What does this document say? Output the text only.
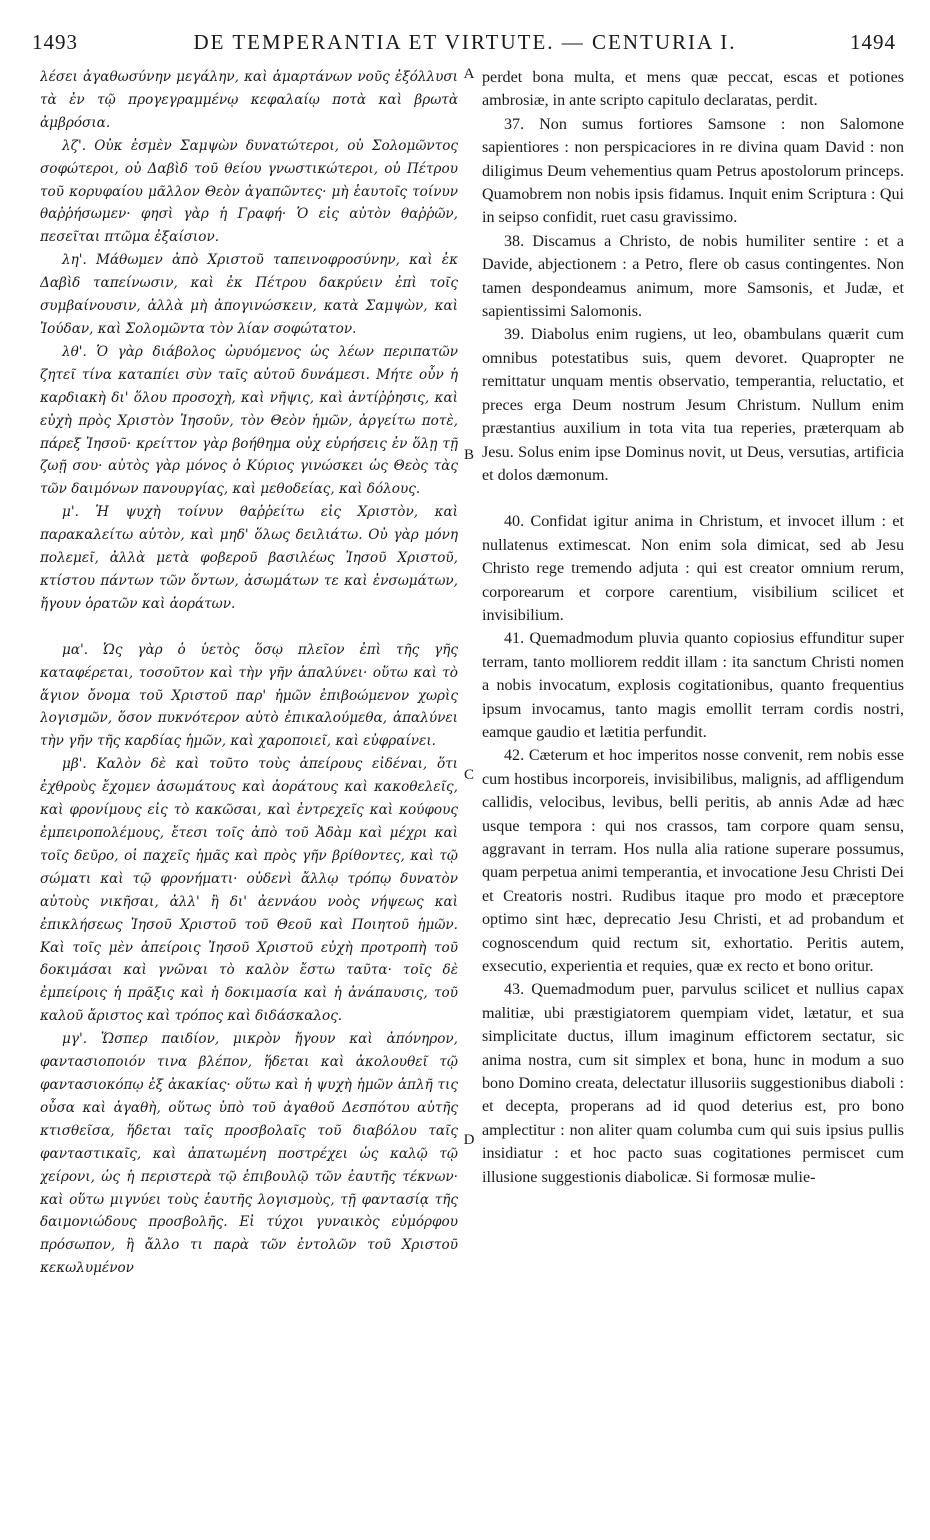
1493	DE TEMPERANTIA ET VIRTUTE. — CENTURIA I.	1494

λέσει ἀγαθωσύνην μεγάλην, καὶ ἁμαρτάνων νοῦς ἐξόλλυσι τὰ ἐν τῷ προγεγραμμένῳ κεφαλαίῳ ποτὰ καὶ βρωτὰ ἀμβρόσια.

λζ'. Οὐκ ἐσμὲν Σαμψὼν δυνατώτεροι, οὐ Σολομῶντος σοφώτεροι, οὐ Δαβὶδ τοῦ θείου γνωστικώτεροι, οὐ Πέτρου τοῦ κορυφαίου μᾶλλον Θεὸν ἀγαπῶντες· μὴ ἑαυτοῖς τοίνυν θαῤῥήσωμεν· φησὶ γὰρ ἡ Γραφή· Ὁ εἰς αὐτὸν θαῤῥῶν, πεσεῖται πτῶμα ἐξαίσιον.

λη'. Μάθωμεν ἀπὸ Χριστοῦ ταπεινοφροσύνην, καὶ ἐκ Δαβὶδ ταπείνωσιν, καὶ ἐκ Πέτρου δακρύειν ἐπὶ τοῖς συμβαίνουσιν, ἀλλὰ μὴ ἀπογινώσκειν, κατὰ Σαμψὼν, καὶ Ἰούδαν, καὶ Σολομῶντα τὸν λίαν σοφώτατον.

λθ'. Ὁ γὰρ διάβολος ὠρυόμενος ὡς λέων περιπατῶν ζητεῖ τίνα καταπίει σὺν ταῖς αὐτοῦ δυνάμεσι. Μήτε οὖν ἡ καρδιακὴ δι' ὅλου προσοχὴ, καὶ νῆψις, καὶ ἀντίῤῥησις, καὶ εὐχὴ πρὸς Χριστὸν Ἰησοῦν, τὸν Θεὸν ἡμῶν, ἀργείτω ποτὲ, πάρεξ Ἰησοῦ· κρείττον γὰρ βοήθημα οὐχ εὑρήσεις ἐν ὅλῃ τῇ ζωῇ σου· αὐτὸς γὰρ μόνος ὁ Κύριος γινώσκει ὡς Θεὸς τὰς τῶν δαιμόνων πανουργίας, καὶ μεθοδείας, καὶ δόλους.

μ'. Ἡ ψυχὴ τοίνυν θαῤῥείτω εἰς Χριστὸν, καὶ παρακαλείτω αὐτὸν, καὶ μηδ' ὅλως δειλιάτω. Οὐ γὰρ μόνη πολεμεῖ, ἀλλὰ μετὰ φοβεροῦ βασιλέως Ἰησοῦ Χριστοῦ, κτίστου πάντων τῶν ὄντων, ἀσωμάτων τε καὶ ἐνσωμάτων, ἤγουν ὁρατῶν καὶ ἀοράτων.

μα'. Ὡς γὰρ ὁ ὑετὸς ὅσῳ πλεῖον ἐπὶ τῆς γῆς καταφέρεται, τοσοῦτον καὶ τὴν γῆν ἁπαλύνει· οὕτω καὶ τὸ ἅγιον ὄνομα τοῦ Χριστοῦ παρ' ἡμῶν ἐπιβοώμενον χωρὶς λογισμῶν, ὅσον πυκνότερον αὐτὸ ἐπικαλούμεθα, ἁπαλύνει τὴν γῆν τῆς καρδίας ἡμῶν, καὶ χαροποιεῖ, καὶ εὐφραίνει.

μβ'. Καλὸν δὲ καὶ τοῦτο τοὺς ἀπείρους εἰδέναι, ὅτι ἐχθροὺς ἔχομεν ἀσωμάτους καὶ ἀοράτους καὶ κακοθελεῖς, καὶ φρονίμους εἰς τὸ κακῶσαι, καὶ ἐντρεχεῖς καὶ κούφους ἐμπειροπολέμους, ἔτεσι τοῖς ἀπὸ τοῦ Ἀδὰμ καὶ μέχρι καὶ τοῖς δεῦρο, οἱ παχεῖς ἡμᾶς καὶ πρὸς γῆν βρίθοντες, καὶ τῷ σώματι καὶ τῷ φρονήματι· οὐδενὶ ἄλλῳ τρόπῳ δυνατὸν αὐτοὺς νικῆσαι, ἀλλ' ἢ δι' ἀεννάου νοὸς νήψεως καὶ ἐπικλήσεως Ἰησοῦ Χριστοῦ τοῦ Θεοῦ καὶ Ποιητοῦ ἡμῶν. Καὶ τοῖς μὲν ἀπείροις Ἰησοῦ Χριστοῦ εὐχὴ προτροπὴ τοῦ δοκιμάσαι καὶ γνῶναι τὸ καλὸν ἔστω ταῦτα· τοῖς δὲ ἐμπείροις ἡ πρᾶξις καὶ ἡ δοκιμασία καὶ ἡ ἀνάπαυσις, τοῦ καλοῦ ἄριστος καὶ τρόπος καὶ διδάσκαλος.

μγ'. Ὥσπερ παιδίον, μικρὸν ἤγουν καὶ ἀπόνηρον, φαντασιοποιόν τινα βλέπον, ἥδεται καὶ ἀκολουθεῖ τῷ φαντασιοκόπῳ ἐξ ἀκακίας· οὕτω καὶ ἡ ψυχὴ ἡμῶν ἁπλῆ τις οὖσα καὶ ἀγαθὴ, οὕτως ὑπὸ τοῦ ἀγαθοῦ Δεσπότου αὐτῆς κτισθεῖσα, ἥδεται ταῖς προσβολαῖς τοῦ διαβόλου ταῖς φανταστικαῖς, καὶ ἀπατωμένη ποστρέχει ὡς καλῷ τῷ χείρονι, ὡς ἡ περιστερὰ τῷ ἐπιβουλῷ τῶν ἑαυτῆς τέκνων· καὶ οὕτω μιγνύει τοὺς ἑαυτῆς λογισμοὺς, τῇ φαντασίᾳ τῆς δαιμονιώδους προσβολῆς. Εἰ τύχοι γυναικὸς εὐμόρφου πρόσωπον, ἢ ἄλλο τι παρὰ τῶν ἐντολῶν τοῦ Χριστοῦ κεκωλυμένον

A
B
C
D

perdet bona multa, et mens quæ peccat, escas et potiones ambrosiæ, in ante scripto capitulo declaratas, perdit.

37. Non sumus fortiores Samsone : non Salomone sapientiores : non perspicaciores in re divina quam David : non diligimus Deum vehementius quam Petrus apostolorum princeps. Quamobrem non nobis ipsis fidamus. Inquit enim Scriptura : Qui in seipso confidit, ruet casu gravissimo.

38. Discamus a Christo, de nobis humiliter sentire : et a Davide, abjectionem : a Petro, flere ob casus contingentes. Non tamen despondeamus animum, more Samsonis, et Judæ, et sapientissimi Salomonis.

39. Diabolus enim rugiens, ut leo, obambulans quærit cum omnibus potestatibus suis, quem devoret. Quapropter ne remittatur unquam mentis observatio, temperantia, reluctatio, et preces erga Deum nostrum Jesum Christum. Nullum enim præstantius auxilium in tota vita tua reperies, præterquam ab Jesu. Solus enim ipse Dominus novit, ut Deus, versutias, artificia et dolos dæmonum.

40. Confidat igitur anima in Christum, et invocet illum : et nullatenus extimescat. Non enim sola dimicat, sed ab Jesu Christo rege tremendo adjuta : qui est creator omnium rerum, corporearum et corpore carentium, visibilium scilicet et invisibilium.

41. Quemadmodum pluvia quanto copiosius effunditur super terram, tanto molliorem reddit illam : ita sanctum Christi nomen a nobis invocatum, explosis cogitationibus, quanto frequentius ipsum invocamus, tanto magis emollit terram cordis nostri, eamque gaudio et lætitia perfundit.

42. Cæterum et hoc imperitos nosse convenit, rem nobis esse cum hostibus incorporeis, invisibilibus, malignis, ad affligendum callidis, velocibus, levibus, belli peritis, ab annis Adæ ad hæc usque tempora : qui nos crassos, tam corpore quam sensu, aggravant in terram. Hos nulla alia ratione superare possumus, quam perpetua animi temperantia, et invocatione Jesu Christi Dei et Creatoris nostri. Rudibus itaque pro modo et præceptore optimo sint hæc, deprecatio Jesu Christi, et ad probandum et cognoscendum quid rectum sit, exhortatio. Peritis autem, exsecutio, experientia et requies, quæ ex recto et bono oritur.

43. Quemadmodum puer, parvulus scilicet et nullius capax malitiæ, ubi præstigiatorem quempiam videt, lætatur, et sua simplicitate ductus, illum imaginum effictorem sectatur, sic anima nostra, cum sit simplex et bona, hunc in modum a suo bono Domino creata, delectatur illusoriis suggestionibus diaboli : et decepta, properans ad id quod deterius est, pro bono amplectitur : non aliter quam columba cum qui suis ipsius pullis insidiatur : et hoc pacto suas cogitationes permiscet cum illusione suggestionis diabolicæ. Si formosæ mulie-
